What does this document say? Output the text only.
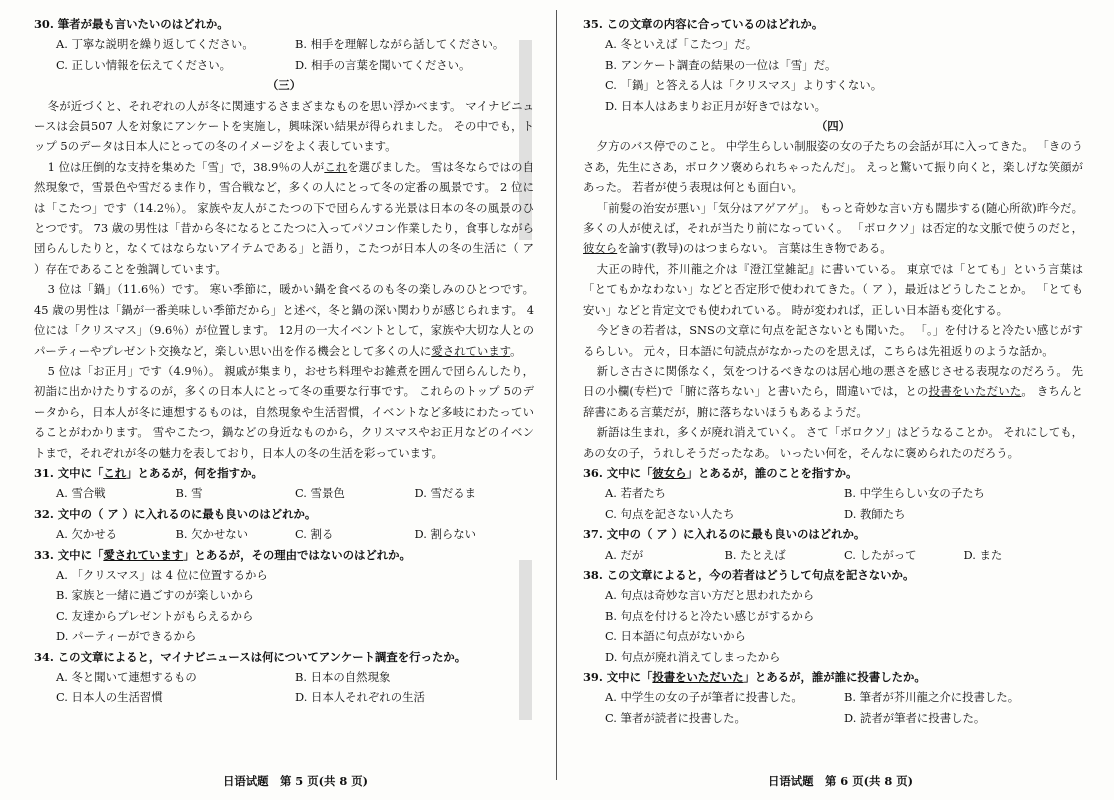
30. 筆者が最も言いたいのはどれか。
A. 丁寧な説明を繰り返してください。	B. 相手を理解しながら話してください。
C. 正しい情報を伝えてください。	D. 相手の言葉を聞いてください。
（三）
冬が近づくと、それぞれの人が冬に関連するさまざまなものを思い浮かべます。 マイナビニュースは会員507 人を対象にアンケートを実施し，興味深い結果が得られました。 その中でも，トップ 5のデータは日本人にとっての冬のイメージをよく表しています。
1 位は圧倒的な支持を集めた「雪」で，38.9％の人がこれを選びました。 雪は冬ならではの自然現象で，雪景色や雪だるま作り，雪合戦など，多くの人にとって冬の定番の風景です。 2 位には「こたつ」です（14.2％）。 家族や友人がこたつの下で団らんする光景は日本の冬の風景のひとつです。 73 歳の男性は「昔から冬になるとこたつに入ってパソコン作業したり，食事しながら団らんしたりと，なくてはならないアイテムである」と語り，こたつが日本人の冬の生活に（ ア ）存在であることを強調しています。
3 位は「鍋」（11.6％）です。 寒い季節に，暖かい鍋を食べるのも冬の楽しみのひとつです。 45 歳の男性は「鍋が一番美味しい季節だから」と述べ，冬と鍋の深い関わりが感じられます。 4 位には「クリスマス」（9.6％）が位置します。 12月の一大イベントとして，家族や大切な人とのパーティーやプレゼント交換など，楽しい思い出を作る機会として多くの人に愛されています。
5 位は「お正月」です（4.9％）。 親戚が集まり，おせち料理やお雑煮を囲んで団らんしたり，初詣に出かけたりするのが，多くの日本人にとって冬の重要な行事です。 これらのトップ 5のデータから，日本人が冬に連想するものは，自然現象や生活習慣，イベントなど多岐にわたっていることがわかります。 雪やこたつ，鍋などの身近なものから，クリスマスやお正月などのイベントまで，それぞれが冬の魅力を表しており，日本人の冬の生活を彩っています。
31. 文中に「これ」とあるが，何を指すか。
A. 雪合戦	B. 雪	C. 雪景色	D. 雪だるま
32. 文中の（ ア ）に入れるのに最も良いのはどれか。
A. 欠かせる	B. 欠かせない	C. 割る	D. 割らない
33. 文中に「愛されています」とあるが，その理由ではないのはどれか。
A. 「クリスマス」は 4 位に位置するから
B. 家族と一緒に過ごすのが楽しいから
C. 友達からプレゼントがもらえるから
D. パーティーができるから
34. この文章によると，マイナビニュースは何についてアンケート調査を行ったか。
A. 冬と聞いて連想するもの	B. 日本の自然現象
C. 日本人の生活習慣	D. 日本人それぞれの生活
35. この文章の内容に合っているのはどれか。
A. 冬といえば「こたつ」だ。
B. アンケート調査の結果の一位は「雪」だ。
C. 「鍋」と答える人は「クリスマス」よりすくない。
D. 日本人はあまりお正月が好きではない。
（四）
夕方のバス停でのこと。 中学生らしい制服姿の女の子たちの会話が耳に入ってきた。 「きのうさあ，先生にさあ，ボロクソ褒められちゃったんだ」。 えっと驚いて振り向くと，楽しげな笑顔があった。 若者が使う表現は何とも面白い。
「前髪の治安が悪い」「気分はアゲアゲ」。 もっと奇妙な言い方も闊歩する(随心所欲)昨今だ。 多くの人が使えば，それが当たり前になっていく。 「ボロクソ」は否定的な文脈で使うのだと，彼女らを論す(教导)のはつまらない。 言葉は生き物である。
大正の時代，芥川龍之介は『澄江堂雑記』に書いている。 東京では「とても」という言葉は「とてもかなわない」などと否定形で使われてきた。（ ア ），最近はどうしたことか。 「とても安い」などと肯定文でも使われている。 時が変われば，正しい日本語も変化する。
今どきの若者は，SNSの文章に句点を記さないとも聞いた。 「。」を付けると冷たい感じがするらしい。 元々，日本語に句読点がなかったのを思えば，こちらは先祖返りのような話か。
新しさ古さに関係なく，気をつけるべきなのは居心地の悪さを感じさせる表現なのだろう。 先日の小欄(专栏)で「腑に落ちない」と書いたら，間違いでは，との投書をいただいた。 きちんと辞書にある言葉だが，腑に落ちないほうもあるようだ。
新語は生まれ，多くが廃れ消えていく。 さて「ボロクソ」はどうなることか。 それにしても，あの女の子，うれしそうだったなあ。 いったい何を，そんなに褒められたのだろう。
36. 文中に「彼女ら」とあるが，誰のことを指すか。
A. 若者たち	B. 中学生らしい女の子たち
C. 句点を記さない人たち	D. 教師たち
37. 文中の（ ア ）に入れるのに最も良いのはどれか。
A. だが	B. たとえば	C. したがって	D. また
38. この文章によると，今の若者はどうして句点を記さないか。
A. 句点は奇妙な言い方だと思われたから
B. 句点を付けると冷たい感じがするから
C. 日本語に句点がないから
D. 句点が廃れ消えてしまったから
39. 文中に「投書をいただいた」とあるが，誰が誰に投書したか。
A. 中学生の女の子が筆者に投書した。	B. 筆者が芥川龍之介に投書した。
C. 筆者が読者に投書した。	D. 読者が筆者に投書した。
日语试题　第 5 页(共 8 页)	日语试题　第 6 页(共 8 页)
